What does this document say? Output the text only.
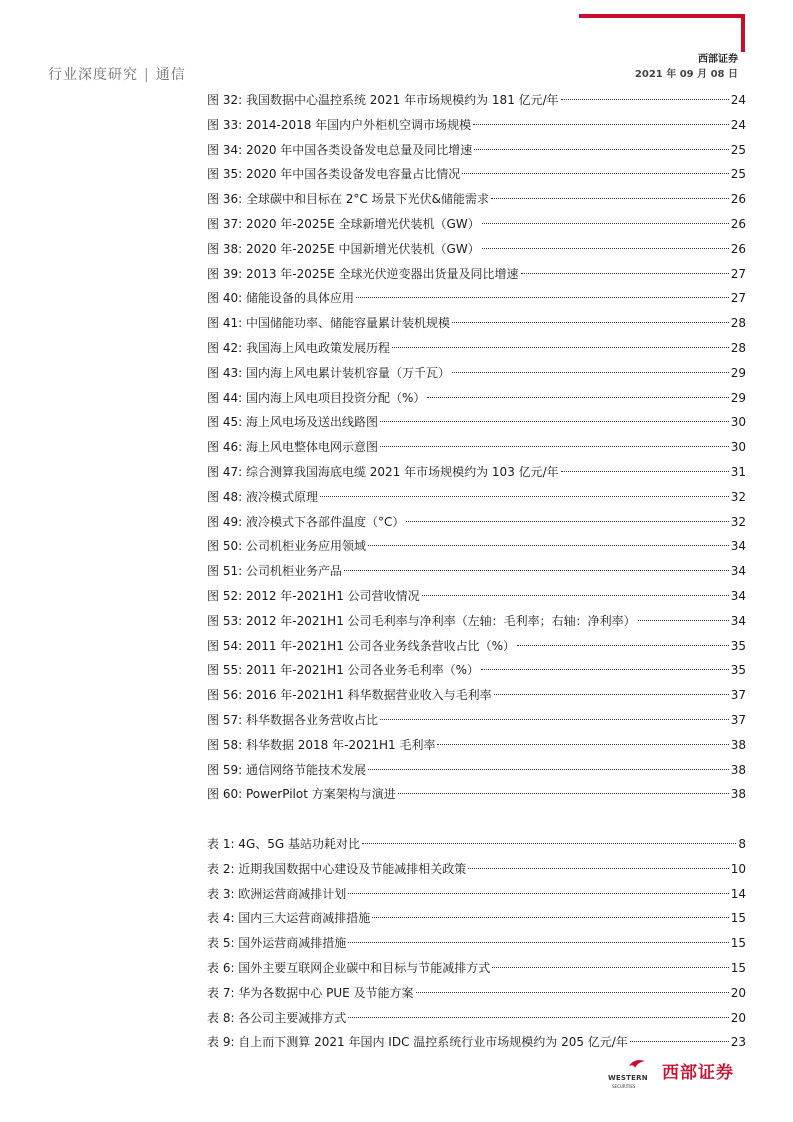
行业深度研究 | 通信
西部证券
2021 年 09 月 08 日
图 32: 我国数据中心温控系统 2021 年市场规模约为 181 亿元/年	24
图 33: 2014-2018 年国内户外柜机空调市场规模	24
图 34: 2020 年中国各类设备发电总量及同比增速	25
图 35: 2020 年中国各类设备发电容量占比情况	25
图 36: 全球碳中和目标在 2°C 场景下光伏&储能需求	26
图 37: 2020 年-2025E 全球新增光伏装机（GW）	26
图 38: 2020 年-2025E 中国新增光伏装机（GW）	26
图 39: 2013 年-2025E 全球光伏逆变器出货量及同比增速	27
图 40: 储能设备的具体应用	27
图 41: 中国储能功率、储能容量累计装机规模	28
图 42: 我国海上风电政策发展历程	28
图 43: 国内海上风电累计装机容量（万千瓦）	29
图 44: 国内海上风电项目投资分配（%）	29
图 45: 海上风电场及送出线路图	30
图 46: 海上风电整体电网示意图	30
图 47: 综合测算我国海底电缆 2021 年市场规模约为 103 亿元/年	31
图 48: 液冷模式原理	32
图 49: 液冷模式下各部件温度（°C）	32
图 50: 公司机柜业务应用领域	34
图 51: 公司机柜业务产品	34
图 52: 2012 年-2021H1 公司营收情况	34
图 53: 2012 年-2021H1 公司毛利率与净利率（左轴：毛利率；右轴：净利率）	34
图 54: 2011 年-2021H1 公司各业务线条营收占比（%）	35
图 55: 2011 年-2021H1 公司各业务毛利率（%）	35
图 56: 2016 年-2021H1 科华数据营业收入与毛利率	37
图 57: 科华数据各业务营收占比	37
图 58: 科华数据 2018 年-2021H1 毛利率	38
图 59: 通信网络节能技术发展	38
图 60: PowerPilot 方案架构与演进	38
表 1: 4G、5G 基站功耗对比	8
表 2: 近期我国数据中心建设及节能减排相关政策	10
表 3: 欧洲运营商减排计划	14
表 4: 国内三大运营商减排措施	15
表 5: 国外运营商减排措施	15
表 6: 国外主要互联网企业碳中和目标与节能减排方式	15
表 7: 华为各数据中心 PUE 及节能方案	20
表 8: 各公司主要减排方式	20
表 9: 自上而下测算 2021 年国内 IDC 温控系统行业市场规模约为 205 亿元/年	23
WESTERN
SECURITIES
西部证券
